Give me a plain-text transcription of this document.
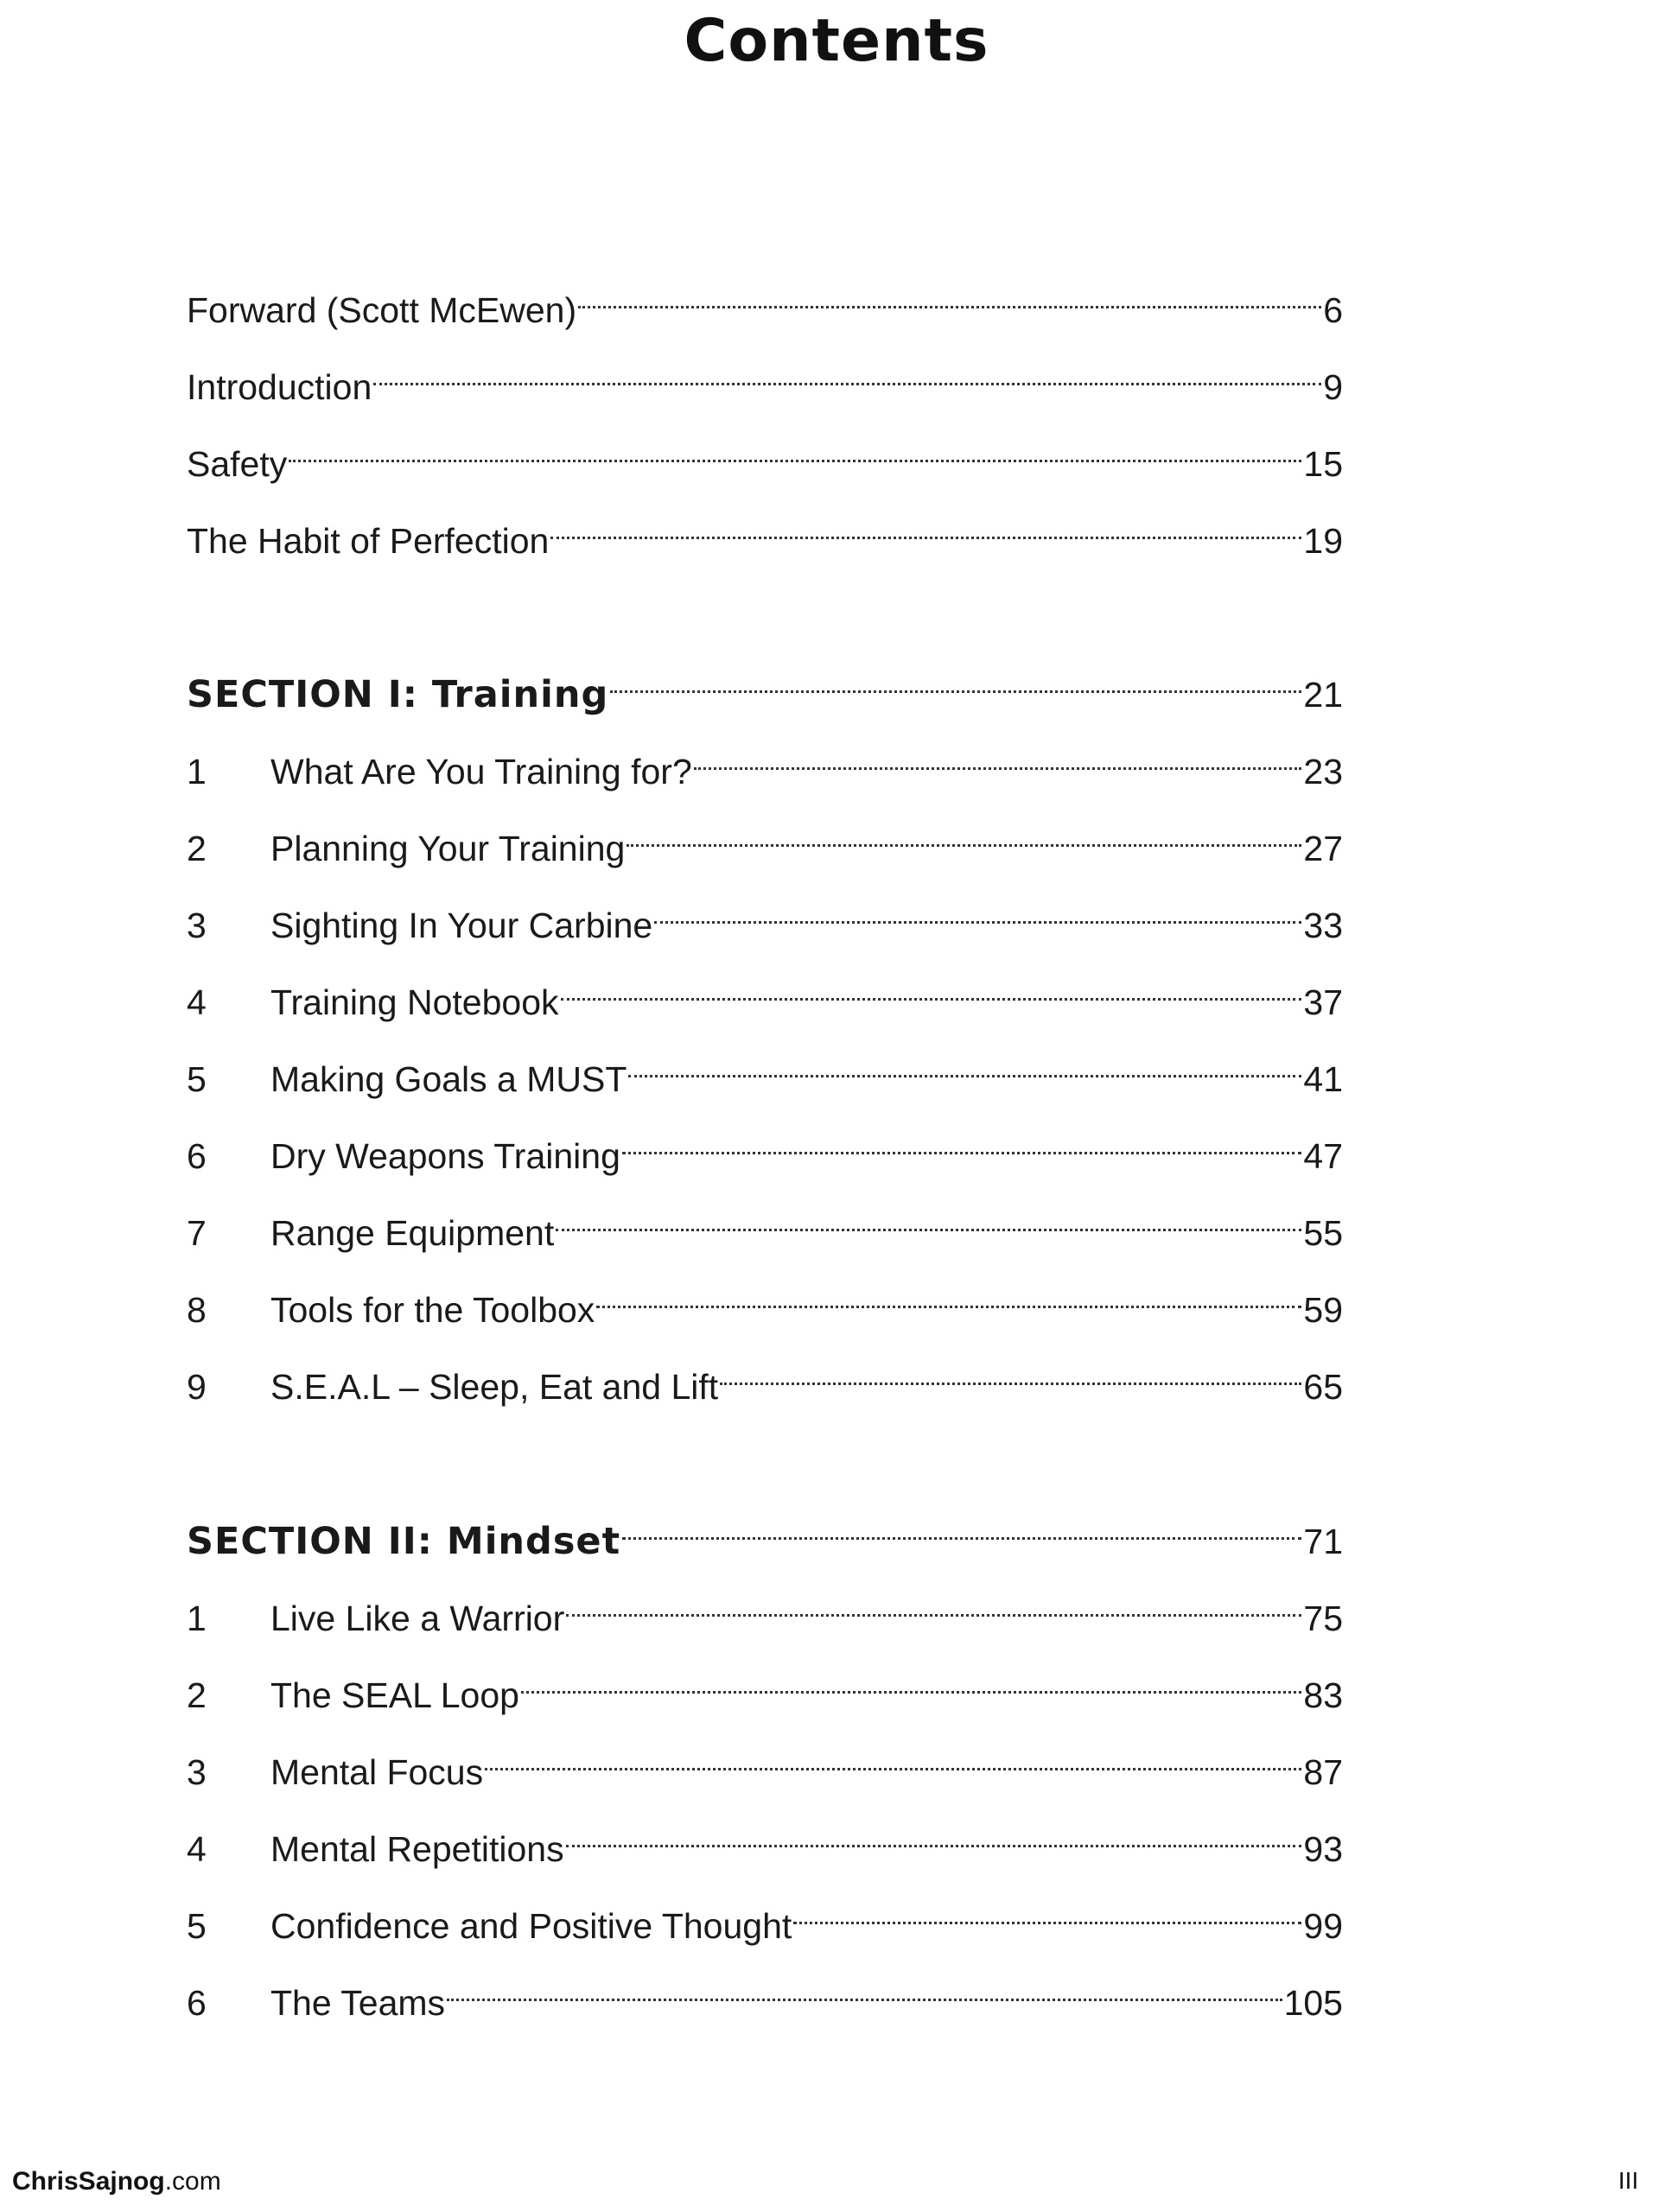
Contents
Forward (Scott McEwen)	6
Introduction	9
Safety	15
The Habit of Perfection	19
SECTION I: Training	21
1	What Are You Training for?	23
2	Planning Your Training	27
3	Sighting In Your Carbine	33
4	Training Notebook	37
5	Making Goals a MUST	41
6	Dry Weapons Training	47
7	Range Equipment	55
8	Tools for the Toolbox	59
9	S.E.A.L – Sleep, Eat and Lift	65
SECTION II: Mindset	71
1	Live Like a Warrior	75
2	The SEAL Loop	83
3	Mental Focus	87
4	Mental Repetitions	93
5	Confidence and Positive Thought	99
6	The Teams	105
ChrisSajnog.com	III
